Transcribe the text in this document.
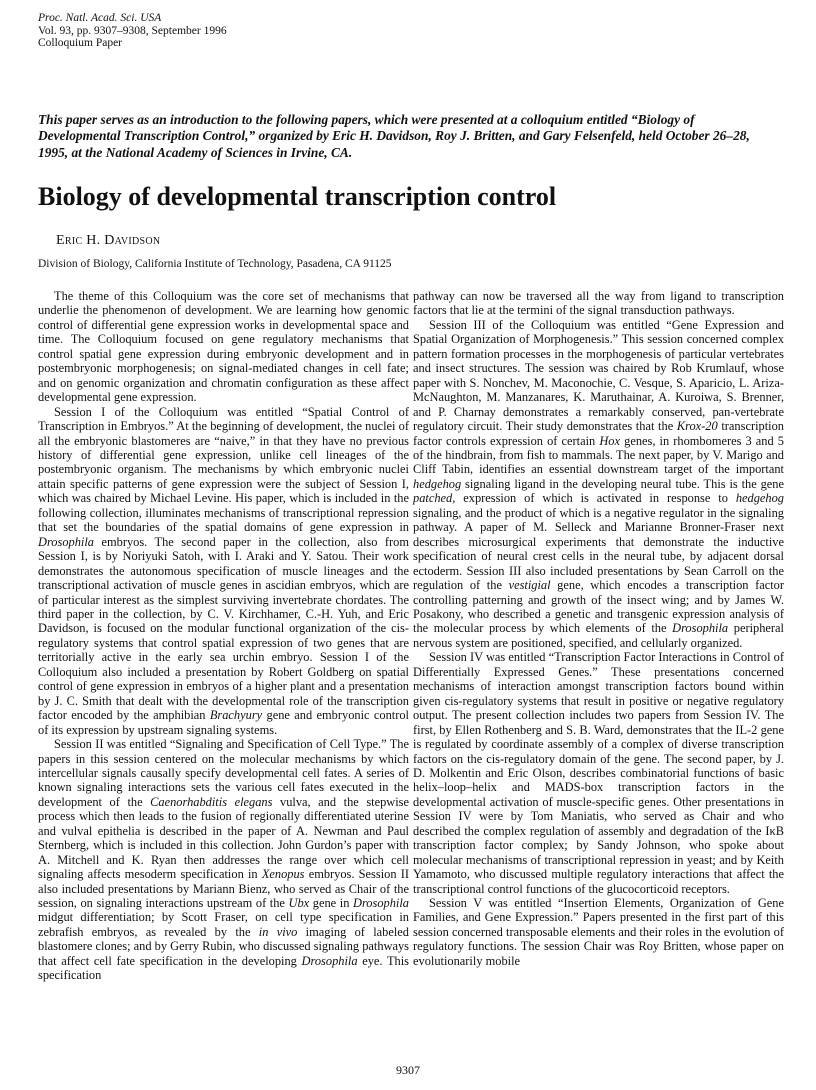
Proc. Natl. Acad. Sci. USA
Vol. 93, pp. 9307–9308, September 1996
Colloquium Paper
This paper serves as an introduction to the following papers, which were presented at a colloquium entitled “Biology of Developmental Transcription Control,” organized by Eric H. Davidson, Roy J. Britten, and Gary Felsenfeld, held October 26–28, 1995, at the National Academy of Sciences in Irvine, CA.
Biology of developmental transcription control
Eric H. Davidson
Division of Biology, California Institute of Technology, Pasadena, CA 91125

The theme of this Colloquium was the core set of mechanisms that underlie the phenomenon of development. We are learning how genomic control of differential gene expression works in developmental space and time. The Colloquium focused on gene regulatory mechanisms that control spatial gene expression during embryonic development and in postembryonic morphogenesis; on signal-mediated changes in cell fate; and on genomic organization and chromatin configuration as these affect developmental gene expression.

Session I of the Colloquium was entitled “Spatial Control of Transcription in Embryos.” At the beginning of development, the nuclei of all the embryonic blastomeres are “naive,” in that they have no previous history of differential gene expression, unlike cell lineages of the postembryonic organism. The mechanisms by which embryonic nuclei attain specific patterns of gene expression were the subject of Session I, which was chaired by Michael Levine. His paper, which is included in the following collection, illuminates mechanisms of transcriptional repression that set the boundaries of the spatial domains of gene expression in Drosophila embryos. The second paper in the collection, also from Session I, is by Noriyuki Satoh, with I. Araki and Y. Satou. Their work demonstrates the autonomous specification of muscle lineages and the transcriptional activation of muscle genes in ascidian embryos, which are of particular interest as the simplest surviving invertebrate chordates. The third paper in the collection, by C. V. Kirchhamer, C.-H. Yuh, and Eric Davidson, is focused on the modular functional organization of the cis-regulatory systems that control spatial expression of two genes that are territorially active in the early sea urchin embryo. Session I of the Colloquium also included a presentation by Robert Goldberg on spatial control of gene expression in embryos of a higher plant and a presentation by J. C. Smith that dealt with the developmental role of the transcription factor encoded by the amphibian Brachyury gene and embryonic control of its expression by upstream signaling systems.

Session II was entitled “Signaling and Specification of Cell Type.” The papers in this session centered on the molecular mechanisms by which intercellular signals causally specify developmental cell fates. A series of known signaling interactions sets the various cell fates executed in the development of the Caenorhabditis elegans vulva, and the stepwise process which then leads to the fusion of regionally differentiated uterine and vulval epithelia is described in the paper of A. Newman and Paul Sternberg, which is included in this collection. John Gurdon’s paper with A. Mitchell and K. Ryan then addresses the range over which cell signaling affects mesoderm specification in Xenopus embryos. Session II also included presentations by Mariann Bienz, who served as Chair of the session, on signaling interactions upstream of the Ubx gene in Drosophila midgut differentiation; by Scott Fraser, on cell type specification in zebrafish embryos, as revealed by the in vivo imaging of labeled blastomere clones; and by Gerry Rubin, who discussed signaling pathways that affect cell fate specification in the developing Drosophila eye. This specification

pathway can now be traversed all the way from ligand to transcription factors that lie at the termini of the signal transduction pathways.

Session III of the Colloquium was entitled “Gene Expression and Spatial Organization of Morphogenesis.” This session concerned complex pattern formation processes in the morphogenesis of particular vertebrates and insect structures. The session was chaired by Rob Krumlauf, whose paper with S. Nonchev, M. Maconochie, C. Vesque, S. Aparicio, L. Ariza-McNaughton, M. Manzanares, K. Maruthainar, A. Kuroiwa, S. Brenner, and P. Charnay demonstrates a remarkably conserved, pan-vertebrate regulatory circuit. Their study demonstrates that the Krox-20 transcription factor controls expression of certain Hox genes, in rhombomeres 3 and 5 of the hindbrain, from fish to mammals. The next paper, by V. Marigo and Cliff Tabin, identifies an essential downstream target of the important hedgehog signaling ligand in the developing neural tube. This is the gene patched, expression of which is activated in response to hedgehog signaling, and the product of which is a negative regulator in the signaling pathway. A paper of M. Selleck and Marianne Bronner-Fraser next describes microsurgical experiments that demonstrate the inductive specification of neural crest cells in the neural tube, by adjacent dorsal ectoderm. Session III also included presentations by Sean Carroll on the regulation of the vestigial gene, which encodes a transcription factor controlling patterning and growth of the insect wing; and by James W. Posakony, who described a genetic and transgenic expression analysis of the molecular process by which elements of the Drosophila peripheral nervous system are positioned, specified, and cellularly organized.

Session IV was entitled “Transcription Factor Interactions in Control of Differentially Expressed Genes.” These presentations concerned mechanisms of interaction amongst transcription factors bound within given cis-regulatory systems that result in positive or negative regulatory output. The present collection includes two papers from Session IV. The first, by Ellen Rothenberg and S. B. Ward, demonstrates that the IL-2 gene is regulated by coordinate assembly of a complex of diverse transcription factors on the cis-regulatory domain of the gene. The second paper, by J. D. Molkentin and Eric Olson, describes combinatorial functions of basic helix–loop–helix and MADS-box transcription factors in the developmental activation of muscle-specific genes. Other presentations in Session IV were by Tom Maniatis, who served as Chair and who described the complex regulation of assembly and degradation of the IκB transcription factor complex; by Sandy Johnson, who spoke about molecular mechanisms of transcriptional repression in yeast; and by Keith Yamamoto, who discussed multiple regulatory interactions that affect the transcriptional control functions of the glucocorticoid receptors.

Session V was entitled “Insertion Elements, Organization of Gene Families, and Gene Expression.” Papers presented in the first part of this session concerned transposable elements and their roles in the evolution of regulatory functions. The session Chair was Roy Britten, whose paper on evolutionarily mobile

9307
